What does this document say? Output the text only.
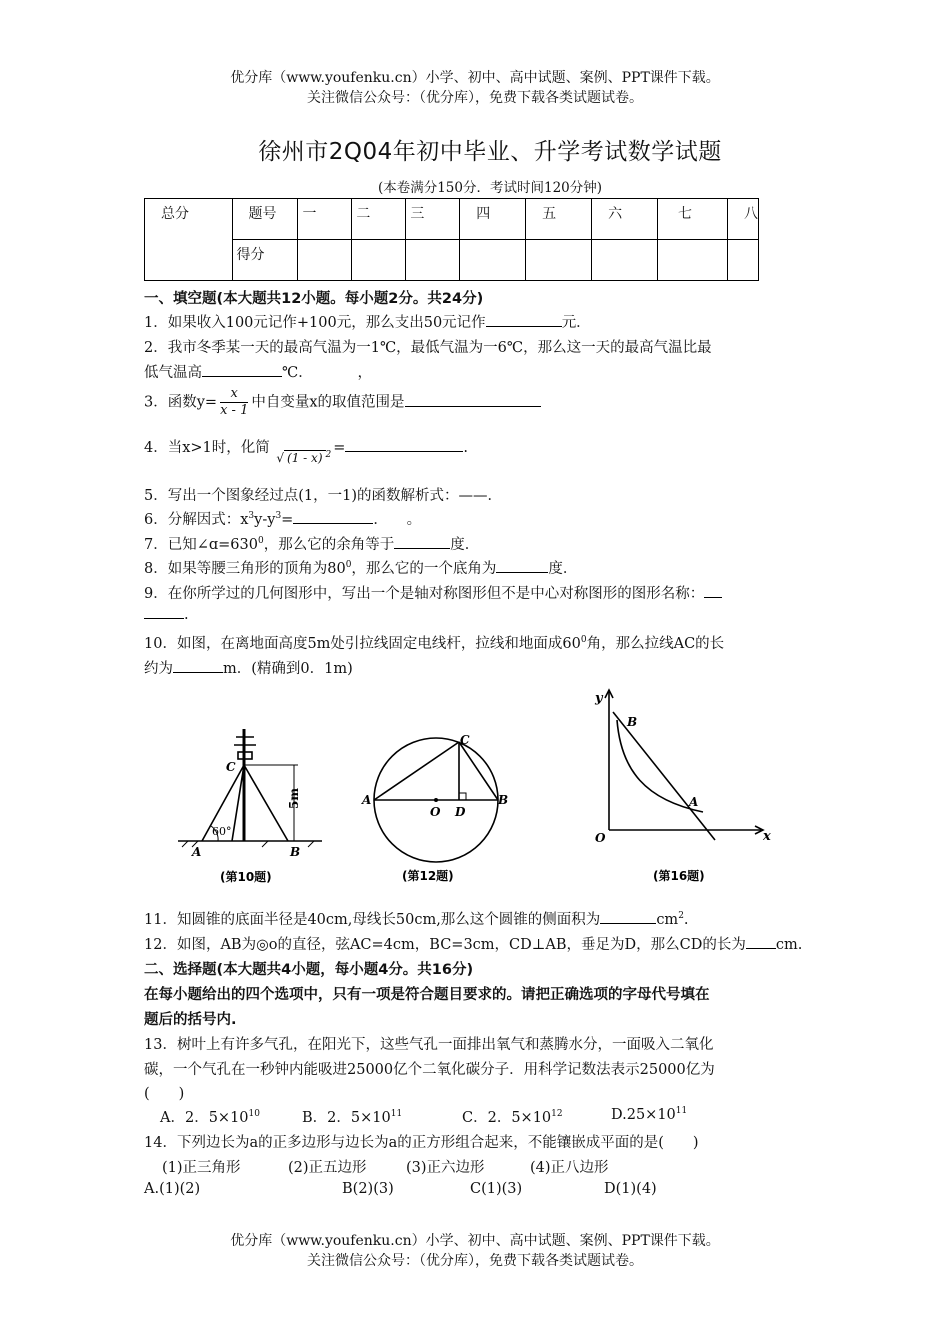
优分库（www.youfenku.cn）小学、初中、高中试题、案例、PPT课件下载。
关注微信公众号：（优分库），免费下载各类试题试卷。
徐州市2Q04年初中毕业、升学考试数学试题
(本卷满分150分．考试时间120分钟)
总分	题号	一	二	三	四	五	六	七	八
	得分								
一、填空题(本大题共12小题。每小题2分。共24分)
1．如果收入100元记作+100元，那么支出50元记作	元．
2．我市冬季某一天的最高气温为一1℃，最低气温为一6℃，那么这一天的最高气温比最
低气温高	℃．	，
3．函数$y= \frac{x}{x - 1}$ 中自变量x的取值范围是
4．当x>1时，化简 √ (1 - x) $^2$ =	.
5．写出一个图象经过点(1，一1)的函数解析式：——．
6．分解因式：$x^3y-y^3=$	． 。
7．已知$\angle ɑ=630^0$，那么它的余角等于	度．
8．如果等腰三角形的顶角为$80^0$，那么它的一个底角为	度．
9．在你所学过的几何图形中，写出一个是轴对称图形但不是中心对称图形的图形名称：
.
10．如图，在离地面高度5m处引拉线固定电线杆，拉线和地面成$60^0$角，那么拉线AC的长
约为	m．(精确到0．1m)
C
5m
60°
A	B
(第10题)
C
A	B
O D
(第12题)
y
x
O
B
A
(第16题)
11．知圆锥的底面半径是40cm,母线长50cm,那么这个圆锥的侧面积为	$cm^2$.
12．如图，AB为◎o的直径，弦AC=4cm，BC=3cm，CD⊥AB，垂足为D，那么CD的长为 cm.
二、选择题(本大题共4小题，每小题4分。共16分)
在每小题给出的四个选项中，只有一项是符合题目要求的。请把正确选项的字母代号填在
题后的括号内.
13．树叶上有许多气孔，在阳光下，这些气孔一面排出氧气和蒸腾水分，一面吸入二氧化
碳，一个气孔在一秒钟内能吸进25000亿个二氧化碳分子．用科学记数法表示25000亿为
(　　)
A．2．$5\times 10^{10}$	B．2．$5\times 10^{11}$	C．2．$5\times 10^{12}$	$D.25\times 10^{11}$
14．下列边长为a的正多边形与边长为a的正方形组合起来，不能镶嵌成平面的是(　　)
(1)正三角形	(2)正五边形	(3)正六边形	(4)正八边形
A.(1)(2)	B(2)(3)	C(1)(3)	D(1)(4)
优分库（www.youfenku.cn）小学、初中、高中试题、案例、PPT课件下载。
关注微信公众号：（优分库），免费下载各类试题试卷。
